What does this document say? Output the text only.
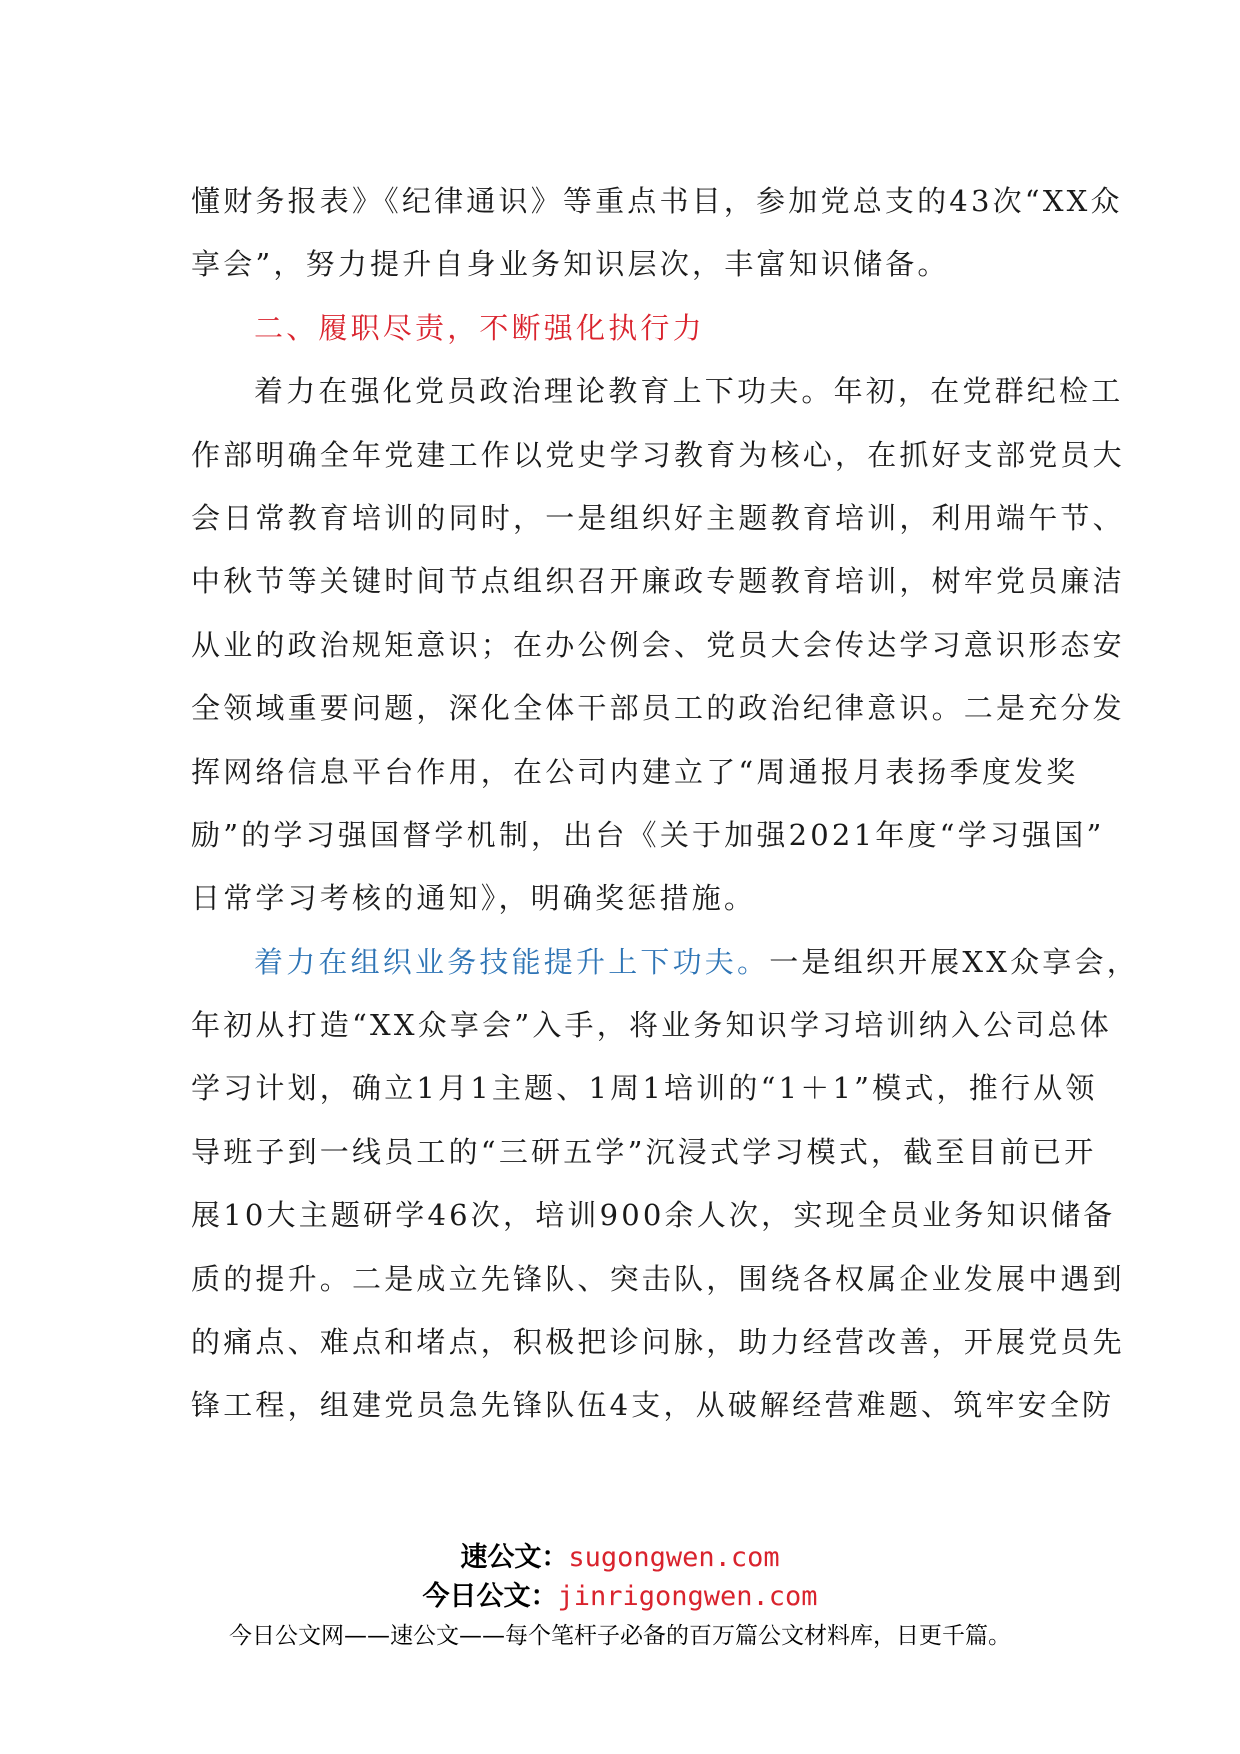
懂财务报表》《纪律通识》等重点书目，参加党总支的43次“XX众
享会”，努力提升自身业务知识层次，丰富知识储备。
二、履职尽责，不断强化执行力
着力在强化党员政治理论教育上下功夫。年初，在党群纪检工
作部明确全年党建工作以党史学习教育为核心，在抓好支部党员大
会日常教育培训的同时，一是组织好主题教育培训，利用端午节、
中秋节等关键时间节点组织召开廉政专题教育培训，树牢党员廉洁
从业的政治规矩意识；在办公例会、党员大会传达学习意识形态安
全领域重要问题，深化全体干部员工的政治纪律意识。二是充分发
挥网络信息平台作用，在公司内建立了“周通报月表扬季度发奖
励”的学习强国督学机制，出台《关于加强2021年度“学习强国”
日常学习考核的通知》，明确奖惩措施。
着力在组织业务技能提升上下功夫。一是组织开展XX众享会，
年初从打造“XX众享会”入手，将业务知识学习培训纳入公司总体
学习计划，确立1月1主题、1周1培训的“1＋1”模式，推行从领
导班子到一线员工的“三研五学”沉浸式学习模式，截至目前已开
展10大主题研学46次，培训900余人次，实现全员业务知识储备
质的提升。二是成立先锋队、突击队，围绕各权属企业发展中遇到
的痛点、难点和堵点，积极把诊问脉，助力经营改善，开展党员先
锋工程，组建党员急先锋队伍4支，从破解经营难题、筑牢安全防
速公文：sugongwen.com
今日公文：jinrigongwen.com
今日公文网——速公文——每个笔杆子必备的百万篇公文材料库，日更千篇。
